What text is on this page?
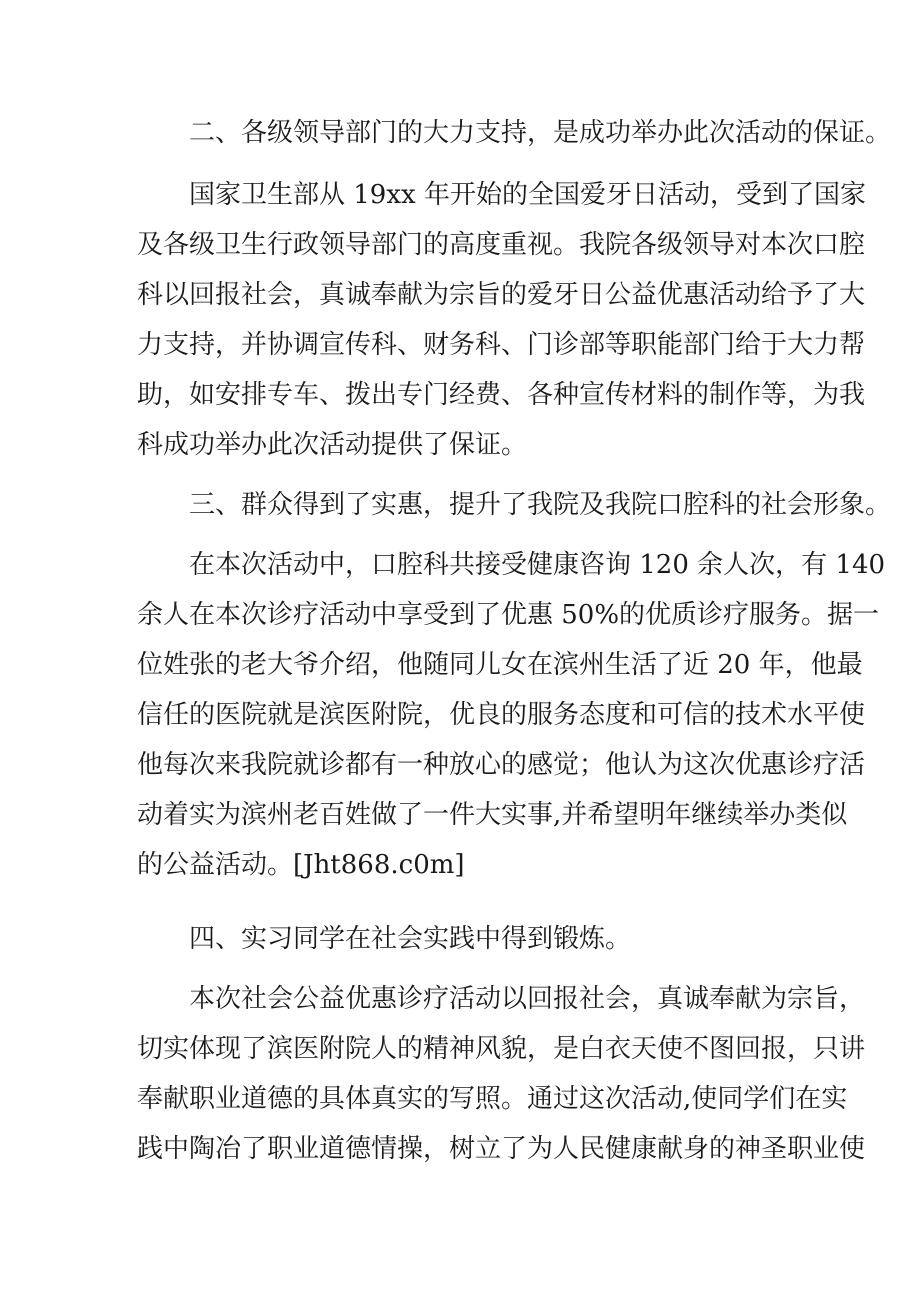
二、各级领导部门的大力支持，是成功举办此次活动的保证。
国家卫生部从 19xx 年开始的全国爱牙日活动，受到了国家
及各级卫生行政领导部门的高度重视。我院各级领导对本次口腔
科以回报社会，真诚奉献为宗旨的爱牙日公益优惠活动给予了大
力支持，并协调宣传科、财务科、门诊部等职能部门给于大力帮
助，如安排专车、拨出专门经费、各种宣传材料的制作等，为我
科成功举办此次活动提供了保证。
三、群众得到了实惠，提升了我院及我院口腔科的社会形象。
在本次活动中，口腔科共接受健康咨询 120 余人次，有 140
余人在本次诊疗活动中享受到了优惠 50%的优质诊疗服务。据一
位姓张的老大爷介绍，他随同儿女在滨州生活了近 20 年，他最
信任的医院就是滨医附院，优良的服务态度和可信的技术水平使
他每次来我院就诊都有一种放心的感觉；他认为这次优惠诊疗活
动着实为滨州老百姓做了一件大实事,并希望明年继续举办类似
的公益活动。[Jht868.c0m]
四、实习同学在社会实践中得到锻炼。
本次社会公益优惠诊疗活动以回报社会，真诚奉献为宗旨，
切实体现了滨医附院人的精神风貌，是白衣天使不图回报，只讲
奉献职业道德的具体真实的写照。通过这次活动,使同学们在实
践中陶冶了职业道德情操，树立了为人民健康献身的神圣职业使
